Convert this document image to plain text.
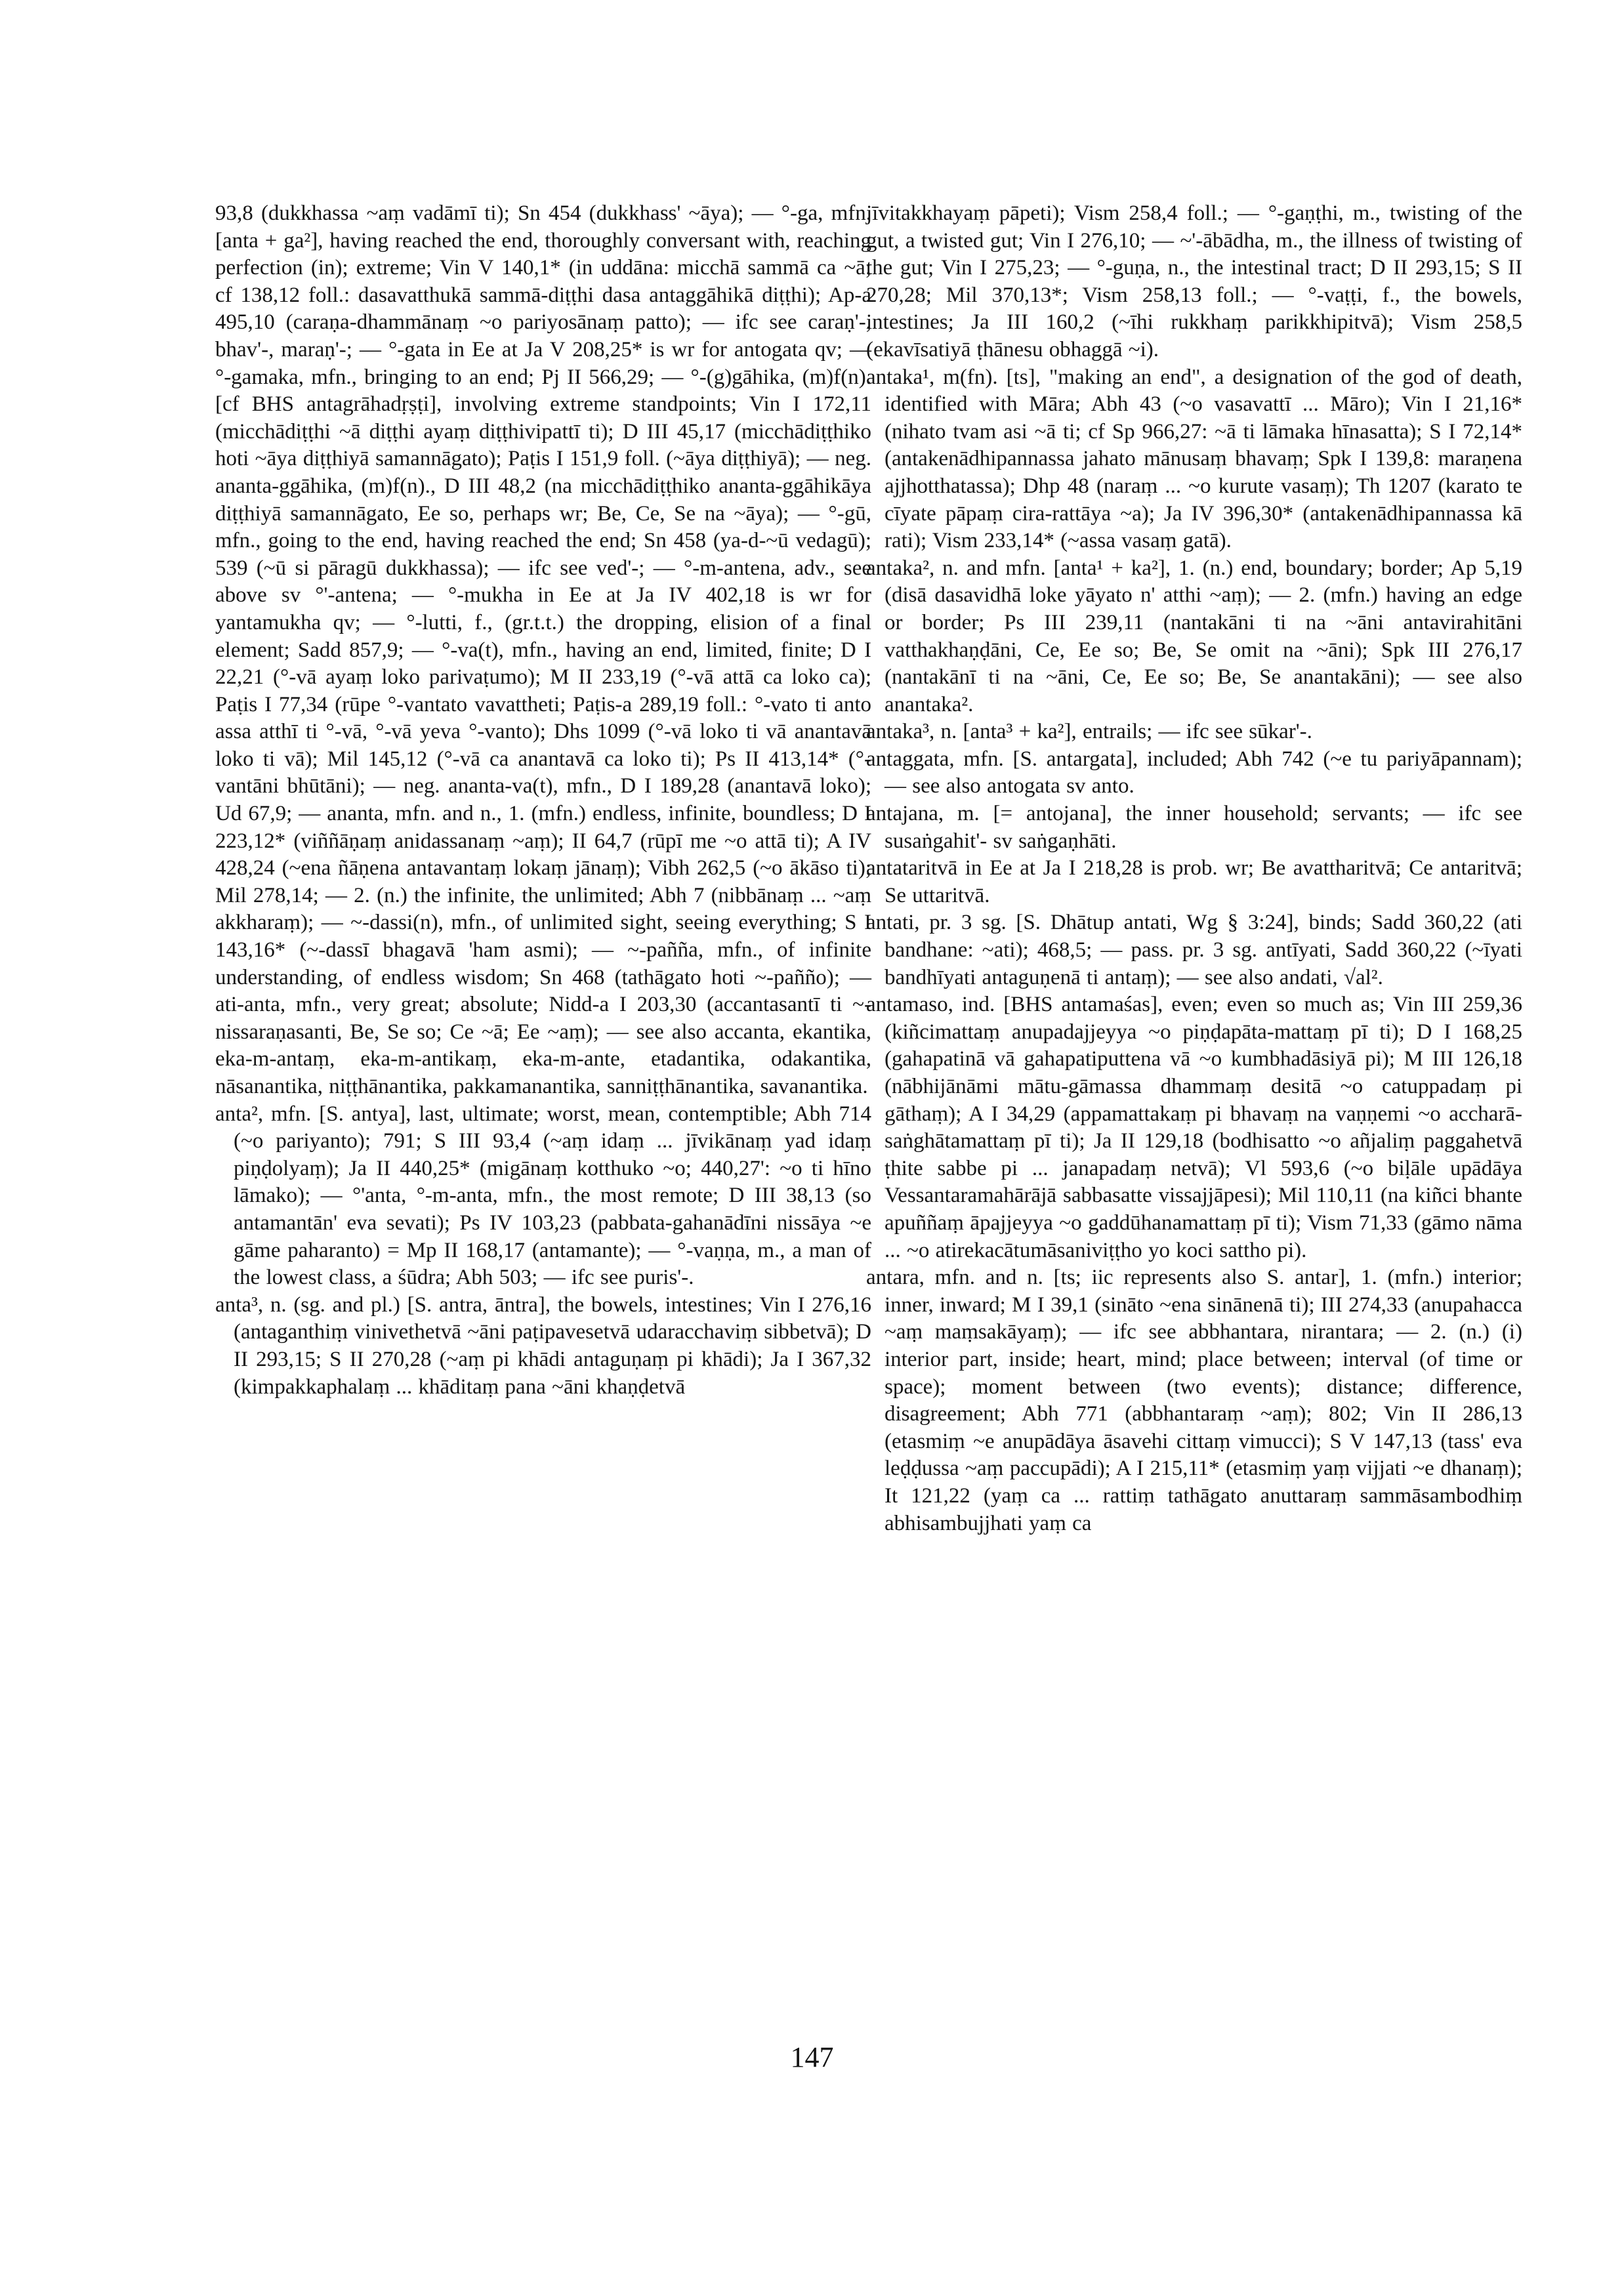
93,8 (dukkhassa ~aṃ vadāmī ti); Sn 454 (dukkhass' ~āya); — °-ga, mfn. [anta + ga²], having reached the end, thoroughly conversant with, reaching perfection (in); extreme; Vin V 140,1* (in uddāna: micchā sammā ca ~ā; cf 138,12 foll.: dasavatthukā sammā-diṭṭhi dasa antaggāhikā diṭṭhi); Ap-a 495,10 (caraṇa-dhammānaṃ ~o pariyosānaṃ patto); — ifc see caraṇ'-, bhav'-, maraṇ'-; — °-gata in Ee at Ja V 208,25* is wr for antogata qv; — °-gamaka, mfn., bringing to an end; Pj II 566,29; — °-(g)gāhika, (m)f(n). [cf BHS antagrāhadṛṣṭi], involving extreme standpoints; Vin I 172,11 (micchādiṭṭhi ~ā diṭṭhi ayaṃ diṭṭhivipattī ti); D III 45,17 (micchādiṭṭhiko hoti ~āya diṭṭhiyā samannāgato); Paṭis I 151,9 foll. (~āya diṭṭhiyā); — neg. ananta-ggāhika, (m)f(n)., D III 48,2 (na micchādiṭṭhiko ananta-ggāhikāya diṭṭhiyā samannāgato, Ee so, perhaps wr; Be, Ce, Se na ~āya); — °-gū, mfn., going to the end, having reached the end; Sn 458 (ya-d-~ū vedagū); 539 (~ū si pāragū dukkhassa); — ifc see ved'-; — °-m-antena, adv., see above sv °'-antena; — °-mukha in Ee at Ja IV 402,18 is wr for yantamukha qv; — °-lutti, f., (gr.t.t.) the dropping, elision of a final element; Sadd 857,9; — °-va(t), mfn., having an end, limited, finite; D I 22,21 (°-vā ayaṃ loko parivaṭumo); M II 233,19 (°-vā attā ca loko ca); Paṭis I 77,34 (rūpe °-vantato vavattheti; Paṭis-a 289,19 foll.: °-vato ti anto assa atthī ti °-vā, °-vā yeva °-vanto); Dhs 1099 (°-vā loko ti vā anantavā loko ti vā); Mil 145,12 (°-vā ca anantavā ca loko ti); Ps II 413,14* (°-vantāni bhūtāni); — neg. ananta-va(t), mfn., D I 189,28 (anantavā loko); Ud 67,9; — ananta, mfn. and n., 1. (mfn.) endless, infinite, boundless; D I 223,12* (viññāṇaṃ anidassanaṃ ~aṃ); II 64,7 (rūpī me ~o attā ti); A IV 428,24 (~ena ñāṇena antavantaṃ lokaṃ jānaṃ); Vibh 262,5 (~o ākāso ti); Mil 278,14; — 2. (n.) the infinite, the unlimited; Abh 7 (nibbānaṃ ... ~aṃ akkharaṃ); — ~-dassi(n), mfn., of unlimited sight, seeing everything; S I 143,16* (~-dassī bhagavā 'ham asmi); — ~-pañña, mfn., of infinite understanding, of endless wisdom; Sn 468 (tathāgato hoti ~-pañño); — ati-anta, mfn., very great; absolute; Nidd-a I 203,30 (accantasantī ti ~-nissaraṇasanti, Be, Se so; Ce ~ā; Ee ~aṃ); — see also accanta, ekantika, eka-m-antaṃ, eka-m-antikaṃ, eka-m-ante, etadantika, odakantika, nāsanantika, niṭṭhānantika, pakkamanantika, sanniṭṭhānantika, savanantika.

anta², mfn. [S. antya], last, ultimate; worst, mean, contemptible; Abh 714 (~o pariyanto); 791; S III 93,4 (~aṃ idaṃ ... jīvikānaṃ yad idaṃ piṇḍolyaṃ); Ja II 440,25* (migānaṃ kotthuko ~o; 440,27': ~o ti hīno lāmako); — °'anta, °-m-anta, mfn., the most remote; D III 38,13 (so antamantān' eva sevati); Ps IV 103,23 (pabbata-gahanādīni nissāya ~e gāme paharanto) = Mp II 168,17 (antamante); — °-vaṇṇa, m., a man of the lowest class, a śūdra; Abh 503; — ifc see puris'-.

anta³, n. (sg. and pl.) [S. antra, āntra], the bowels, intestines; Vin I 276,16 (antaganthiṃ vinivethetvā ~āni paṭipavesetvā udaracchaviṃ sibbetvā); D II 293,15; S II 270,28 (~aṃ pi khādi antaguṇaṃ pi khādi); Ja I 367,32 (kimpakkaphalaṃ ... khāditaṃ pana ~āni khaṇḍetvā

jīvitakkhayaṃ pāpeti); Vism 258,4 foll.; — °-gaṇṭhi, m., twisting of the gut, a twisted gut; Vin I 276,10; — ~'-ābādha, m., the illness of twisting of the gut; Vin I 275,23; — °-guṇa, n., the intestinal tract; D II 293,15; S II 270,28; Mil 370,13*; Vism 258,13 foll.; — °-vaṭṭi, f., the bowels, intestines; Ja III 160,2 (~īhi rukkhaṃ parikkhipitvā); Vism 258,5 (ekavīsatiyā ṭhānesu obhaggā ~i).

antaka¹, m(fn). [ts], "making an end", a designation of the god of death, identified with Māra; Abh 43 (~o vasavattī ... Māro); Vin I 21,16* (nihato tvam asi ~ā ti; cf Sp 966,27: ~ā ti lāmaka hīnasatta); S I 72,14* (antakenādhipannassa jahato mānusaṃ bhavaṃ; Spk I 139,8: maraṇena ajjhotthatassa); Dhp 48 (naraṃ ... ~o kurute vasaṃ); Th 1207 (karato te cīyate pāpaṃ cira-rattāya ~a); Ja IV 396,30* (antakenādhipannassa kā rati); Vism 233,14* (~assa vasaṃ gatā).

antaka², n. and mfn. [anta¹ + ka²], 1. (n.) end, boundary; border; Ap 5,19 (disā dasavidhā loke yāyato n' atthi ~aṃ); — 2. (mfn.) having an edge or border; Ps III 239,11 (nantakāni ti na ~āni antavirahitāni vatthakhaṇḍāni, Ce, Ee so; Be, Se omit na ~āni); Spk III 276,17 (nantakānī ti na ~āni, Ce, Ee so; Be, Se anantakāni); — see also anantaka².

antaka³, n. [anta³ + ka²], entrails; — ifc see sūkar'-.

antaggata, mfn. [S. antargata], included; Abh 742 (~e tu pariyāpannam); — see also antogata sv anto.

antajana, m. [= antojana], the inner household; servants; — ifc see susaṅgahit'- sv saṅgaṇhāti.

antataritvā in Ee at Ja I 218,28 is prob. wr; Be avattharitvā; Ce antaritvā; Se uttaritvā.

antati, pr. 3 sg. [S. Dhātup antati, Wg § 3:24], binds; Sadd 360,22 (ati bandhane: ~ati); 468,5; — pass. pr. 3 sg. antīyati, Sadd 360,22 (~īyati bandhīyati antaguṇenā ti antaṃ); — see also andati, √al².

antamaso, ind. [BHS antamaśas], even; even so much as; Vin III 259,36 (kiñcimattaṃ anupadajjeyya ~o piṇḍapāta-mattaṃ pī ti); D I 168,25 (gahapatinā vā gahapatiputtena vā ~o kumbhadāsiyā pi); M III 126,18 (nābhijānāmi mātu-gāmassa dhammaṃ desitā ~o catuppadaṃ pi gāthaṃ); A I 34,29 (appamattakaṃ pi bhavaṃ na vaṇṇemi ~o accharā-saṅghātamattaṃ pī ti); Ja II 129,18 (bodhisatto ~o añjaliṃ paggahetvā ṭhite sabbe pi ... janapadaṃ netvā); Vl 593,6 (~o biḷāle upādāya Vessantaramahārājā sabbasatte vissajjāpesi); Mil 110,11 (na kiñci bhante apuññaṃ āpajjeyya ~o gaddūhanamattaṃ pī ti); Vism 71,33 (gāmo nāma ... ~o atirekacātumāsaniviṭṭho yo koci sattho pi).

antara, mfn. and n. [ts; iic represents also S. antar], 1. (mfn.) interior; inner, inward; M I 39,1 (sināto ~ena sinānenā ti); III 274,33 (anupahacca ~aṃ maṃsakāyaṃ); — ifc see abbhantara, nirantara; — 2. (n.) (i) interior part, inside; heart, mind; place between; interval (of time or space); moment between (two events); distance; difference, disagreement; Abh 771 (abbhantaraṃ ~aṃ); 802; Vin II 286,13 (etasmiṃ ~e anupādāya āsavehi cittaṃ vimucci); S V 147,13 (tass' eva leḍḍussa ~aṃ paccupādi); A I 215,11* (etasmiṃ yaṃ vijjati ~e dhanaṃ); It 121,22 (yaṃ ca ... rattiṃ tathāgato anuttaraṃ sammāsambodhiṃ abhisambujjhati yaṃ ca

147
